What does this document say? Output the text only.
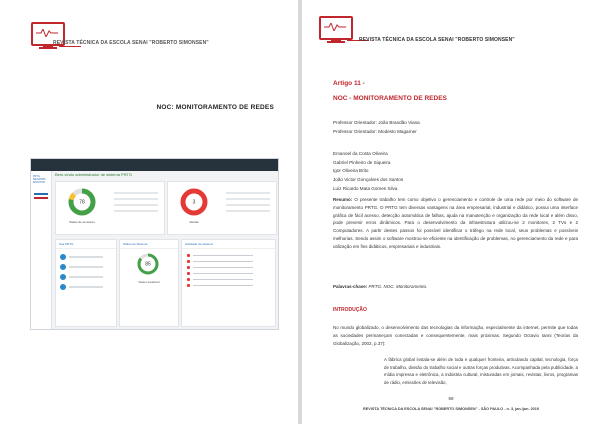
REVISTA TÉCNICA DA ESCOLA SENAI "ROBERTO SIMONSEN"
NOC: MONITORAMENTO DE REDES
PRTG NETWORK MONITOR
Bem-vindo administrador de sistema PRTG
78
Status de sensores
3
Alertas
Sua PRTG	Status do Sistema
85
Status saudável
Atividade de sistema
REVISTA TÉCNICA DA ESCOLA SENAI "ROBERTO SIMONSEN"
Artigo 11 -
NOC - MONITORAMENTO DE REDES
Professor Orientador: João Brandão Viana
Professor Orientador: Modesto Magarner
Emanoel da Costa Oliveira
Gabriel Pinheiro de Siqueira
Igor Oliveira Brito
João Victor Gonçalves dos Santos
Luiz Ricardo Mata Gomes Silva
Resumo: O presente trabalho tem como objetivo o gerenciamento e controle de uma rede por meio do software de monitoramento PRTG. O PRTG tem diversas vantagens na área empresarial, industrial e didático, possui uma interface gráfica de fácil acesso, detecção automática de falhas, ajuda na manutenção e organização da rede local e além disso, pode prevenir erros dinâmicos. Para o desenvolvimento da infraestrutura utilizou-se 2 monitores, 2 TVs e 2 Computadores. A partir destes passos foi possível identificar o tráfego na rede local, seus problemas e possíveis melhorias. Sendo assim o software mostrou-se eficiente na identificação de problemas, no gerenciamento da rede e para utilização em fins didáticos, empresariais e industriais.
Palavras-chave: PRTG. NOC. Monitoramento.
INTRODUÇÃO
No mundo globalizado, o desenvolvimento das tecnologias da informação, especialmente da internet, permite que todas as sociedades permaneçam conectadas e consequentemente, mais próximas. Segundo Octavio Ianni (Teorias da Globalização, 2002, p.37):
A fábrica global instala-se além de toda e qualquer fronteira, articulando capital, tecnologia, força de trabalho, divisão do trabalho social e outras forças produtivas. Acompanhada pela publicidade, a mídia impressa e eletrônica, a indústria cultural, misturadas em jornais, revistas, livros, programas de rádio, emissões de televisão,
69
REVISTA TÉCNICA DA ESCOLA SENAI "ROBERTO SIMONSEN" - SÃO PAULO - n. 3, jan./jun. 2019
